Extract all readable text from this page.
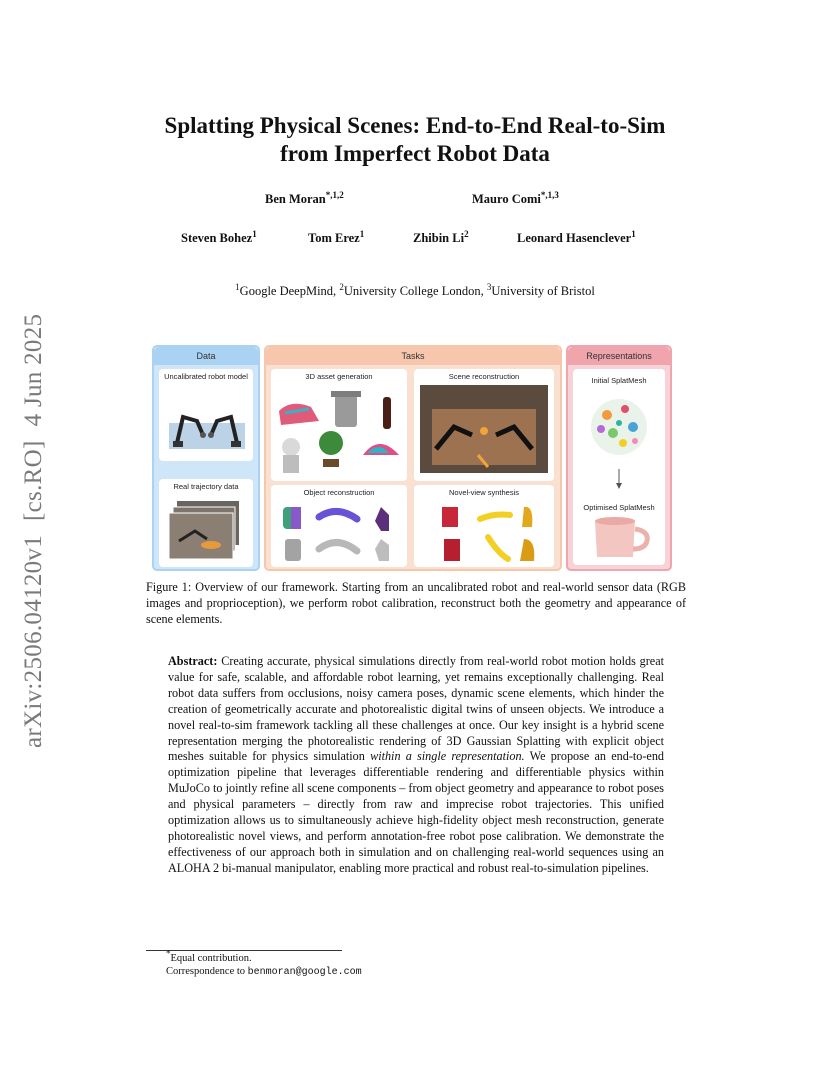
arXiv:2506.04120v1
[cs.RO]
4 Jun 2025
Splatting Physical Scenes: End-to-End Real-to-Sim
from Imperfect Robot Data
Ben Moran$^{*,1,2}$	Mauro Comi$^{*,1,3}$
Steven Bohez$^1$	Tom Erez$^1$	Zhibin Li$^2$	Leonard Hasenclever$^1$
$^1$Google DeepMind, $^2$University College London, $^3$University of Bristol
Data
Uncalibrated robot model
Real trajectory data
Tasks
3D asset generation	Scene reconstruction
Object reconstruction	Novel-view synthesis
Representations
Initial SplatMesh
Optimised SplatMesh
Figure 1: Overview of our framework. Starting from an uncalibrated robot and real-world sensor data (RGB images and proprioception), we perform robot calibration, reconstruct both the geometry and appearance of scene elements.
Abstract: Creating accurate, physical simulations directly from real-world robot motion holds great value for safe, scalable, and affordable robot learning, yet remains exceptionally challenging. Real robot data suffers from occlusions, noisy camera poses, dynamic scene elements, which hinder the creation of geometrically accurate and photorealistic digital twins of unseen objects. We introduce a novel real-to-sim framework tackling all these challenges at once. Our key insight is a hybrid scene representation merging the photorealistic rendering of 3D Gaussian Splatting with explicit object meshes suitable for physics simulation within a single representation. We propose an end-to-end optimization pipeline that leverages differentiable rendering and differentiable physics within MuJoCo to jointly refine all scene components – from object geometry and appearance to robot poses and physical parameters – directly from raw and imprecise robot trajectories. This unified optimization allows us to simultaneously achieve high-fidelity object mesh reconstruction, generate photorealistic novel views, and perform annotation-free robot pose calibration. We demonstrate the effectiveness of our approach both in simulation and on challenging real-world sequences using an ALOHA 2 bi-manual manipulator, enabling more practical and robust real-to-simulation pipelines.
*Equal contribution.
Correspondence to benmoran@google.com
